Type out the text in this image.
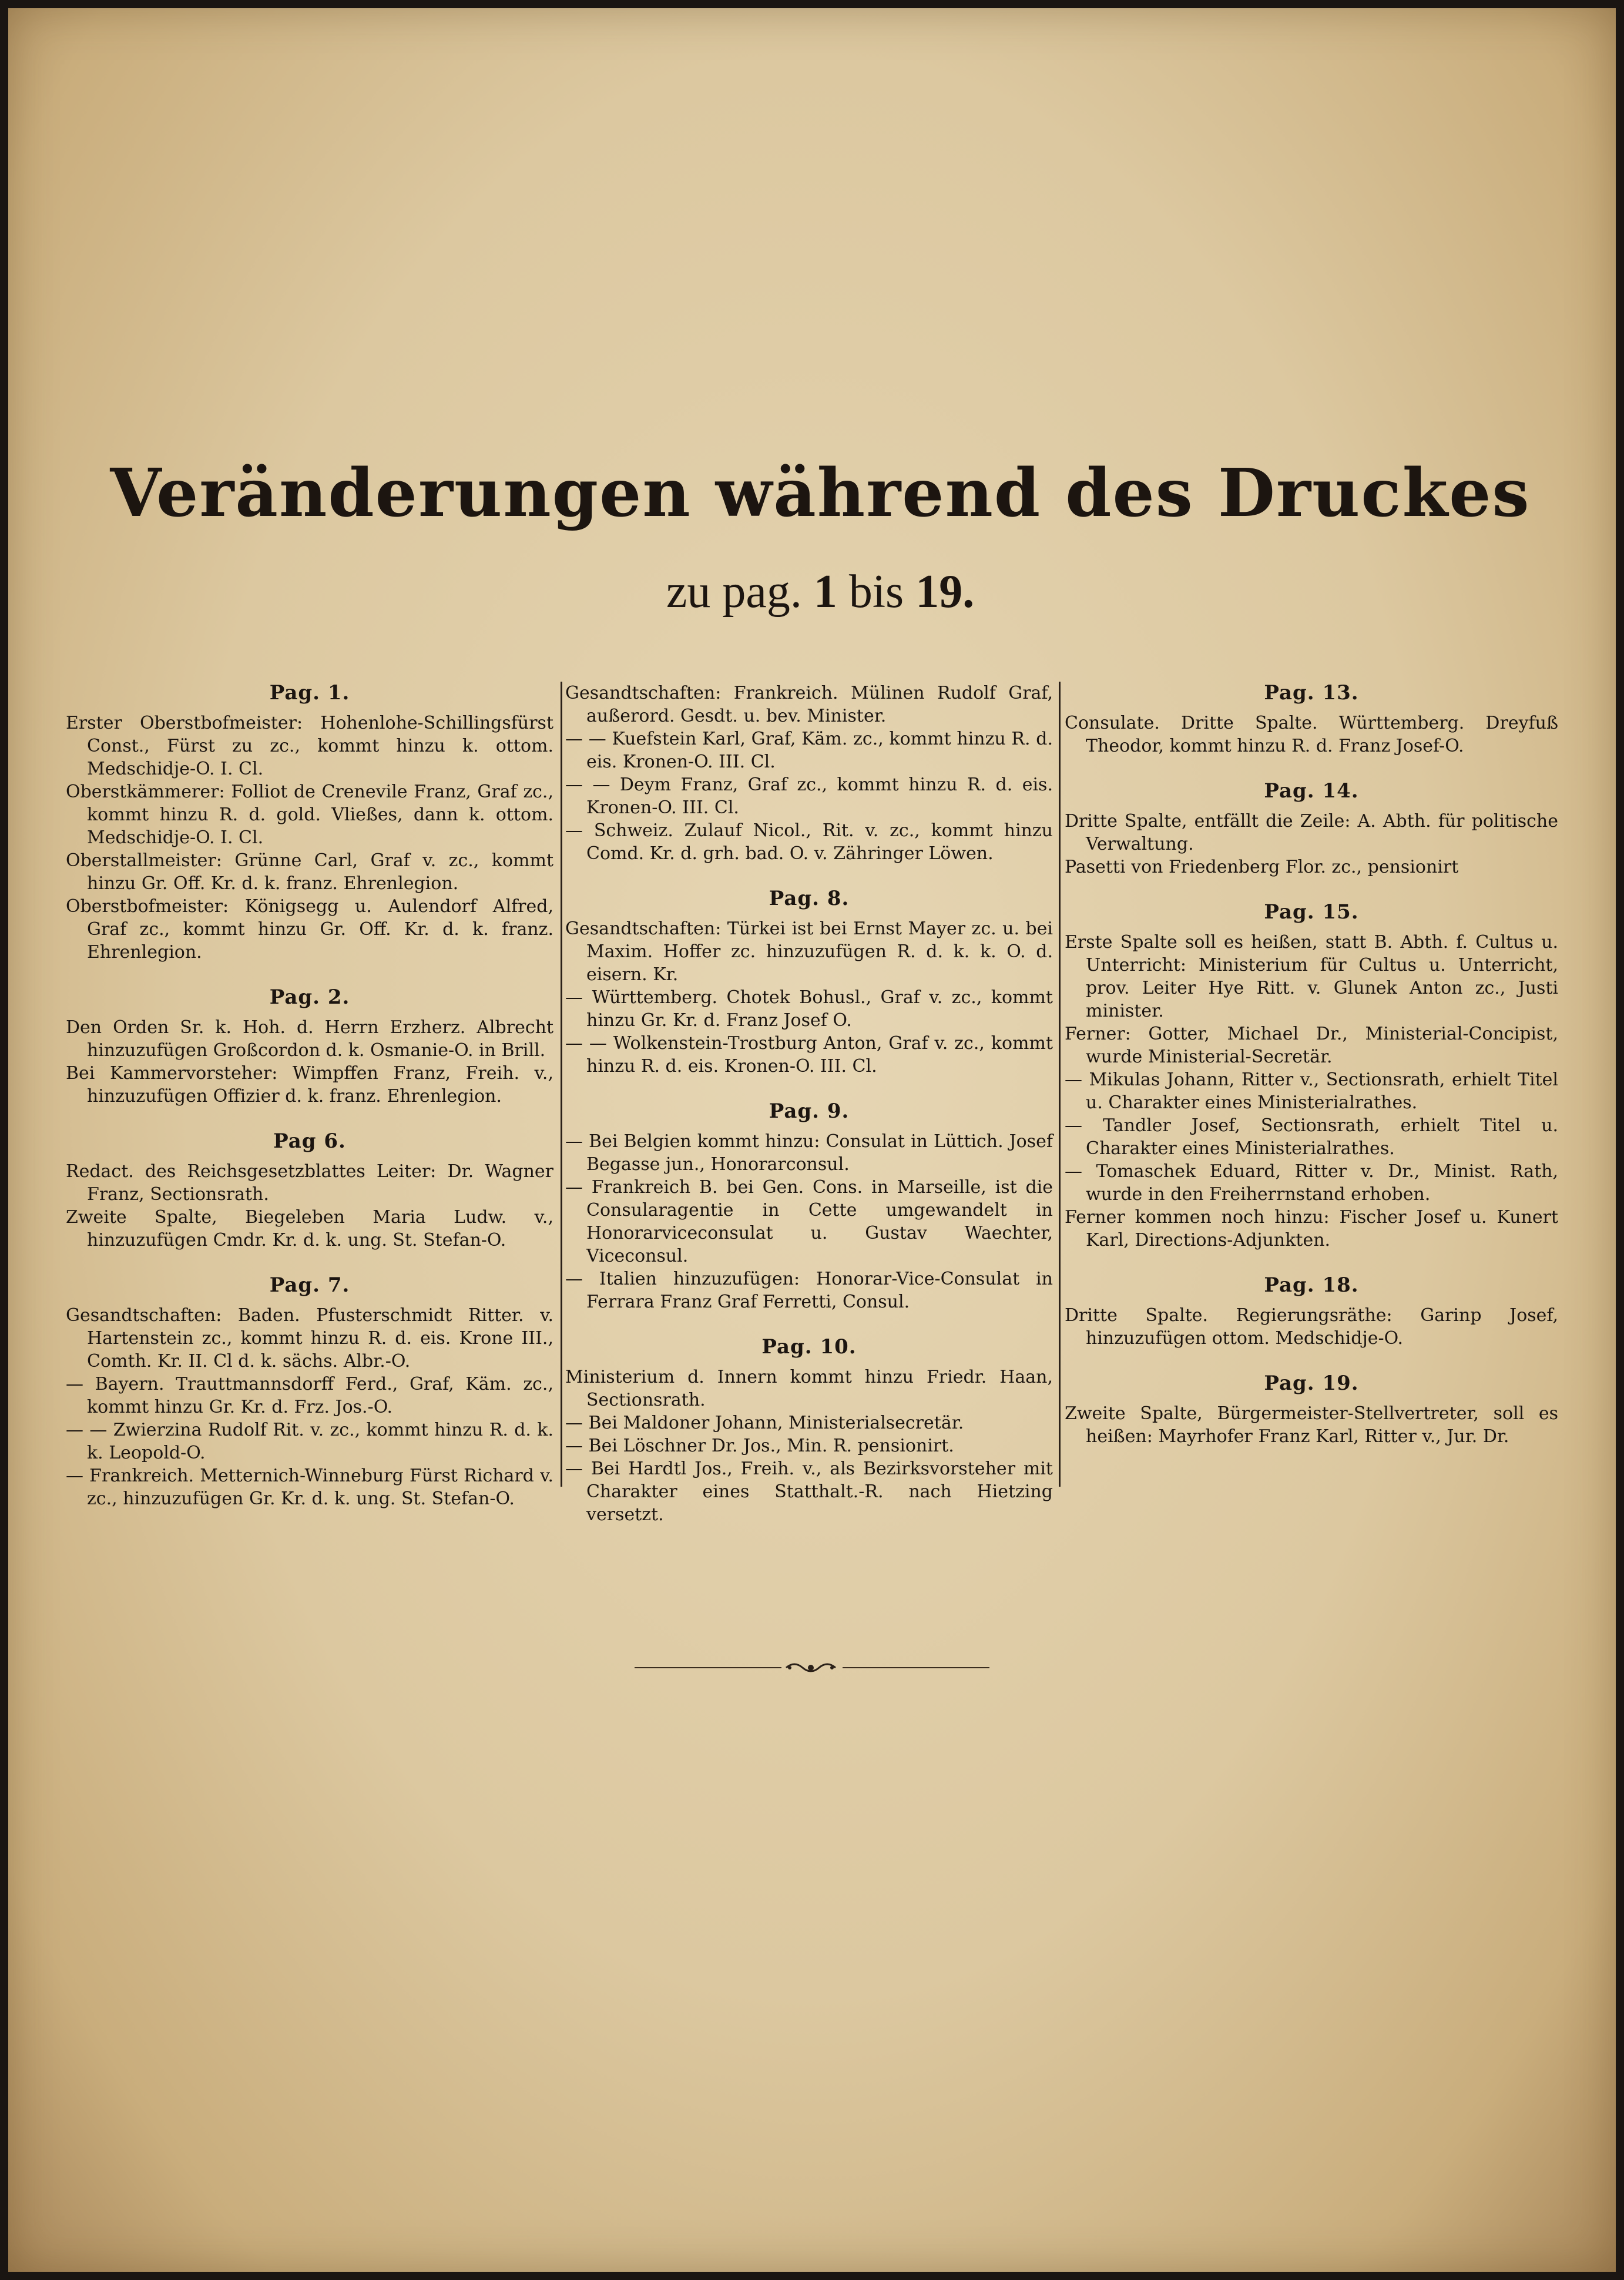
Veränderungen während des Druckes

zu pag. 1 bis 19.

Pag. 1.

Erster Oberstbofmeister: Hohenlohe-Schillingsfürst Const., Fürst zu zc., kommt hinzu k. ottom. Medschidje-O. I. Cl.

Oberstkämmerer: Folliot de Crenevile Franz, Graf zc., kommt hinzu R. d. gold. Vließes, dann k. ottom. Medschidje-O. I. Cl.

Oberstallmeister: Grünne Carl, Graf v. zc., kommt hinzu Gr. Off. Kr. d. k. franz. Ehrenlegion.

Oberstbofmeister: Königsegg u. Aulendorf Alfred, Graf zc., kommt hinzu Gr. Off. Kr. d. k. franz. Ehrenlegion.

Pag. 2.

Den Orden Sr. k. Hoh. d. Herrn Erzherz. Albrecht hinzuzufügen Großcordon d. k. Osmanie-O. in Brill.

Bei Kammervorsteher: Wimpffen Franz, Freih. v., hinzuzufügen Offizier d. k. franz. Ehrenlegion.

Pag 6.

Redact. des Reichsgesetzblattes Leiter: Dr. Wagner Franz, Sectionsrath.

Zweite Spalte, Biegeleben Maria Ludw. v., hinzuzufügen Cmdr. Kr. d. k. ung. St. Stefan-O.

Pag. 7.

Gesandtschaften: Baden. Pfusterschmidt Ritter. v. Hartenstein zc., kommt hinzu R. d. eis. Krone III., Comth. Kr. II. Cl d. k. sächs. Albr.-O.

— Bayern. Trauttmannsdorff Ferd., Graf, Käm. zc., kommt hinzu Gr. Kr. d. Frz. Jos.-O.

— — Zwierzina Rudolf Rit. v. zc., kommt hinzu R. d. k. k. Leopold-O.

— Frankreich. Metternich-Winneburg Fürst Richard v. zc., hinzuzufügen Gr. Kr. d. k. ung. St. Stefan-O.

Gesandtschaften: Frankreich. Mülinen Rudolf Graf, außerord. Gesdt. u. bev. Minister.

— — Kuefstein Karl, Graf, Käm. zc., kommt hinzu R. d. eis. Kronen-O. III. Cl.

— — Deym Franz, Graf zc., kommt hinzu R. d. eis. Kronen-O. III. Cl.

— Schweiz. Zulauf Nicol., Rit. v. zc., kommt hinzu Comd. Kr. d. grh. bad. O. v. Zähringer Löwen.

Pag. 8.

Gesandtschaften: Türkei ist bei Ernst Mayer zc. u. bei Maxim. Hoffer zc. hinzuzufügen R. d. k. k. O. d. eisern. Kr.

— Württemberg. Chotek Bohusl., Graf v. zc., kommt hinzu Gr. Kr. d. Franz Josef O.

— — Wolkenstein-Trostburg Anton, Graf v. zc., kommt hinzu R. d. eis. Kronen-O. III. Cl.

Pag. 9.

— Bei Belgien kommt hinzu: Consulat in Lüttich. Josef Begasse jun., Honorarconsul.

— Frankreich B. bei Gen. Cons. in Marseille, ist die Consularagentie in Cette umgewandelt in Honorarviceconsulat u. Gustav Waechter, Viceconsul.

— Italien hinzuzufügen: Honorar-Vice-Consulat in Ferrara Franz Graf Ferretti, Consul.

Pag. 10.

Ministerium d. Innern kommt hinzu Friedr. Haan, Sectionsrath.

— Bei Maldoner Johann, Ministerialsecretär.

— Bei Löschner Dr. Jos., Min. R. pensionirt.

— Bei Hardtl Jos., Freih. v., als Bezirksvorsteher mit Charakter eines Statthalt.-R. nach Hietzing versetzt.

Pag. 13.

Consulate. Dritte Spalte. Württemberg. Dreyfuß Theodor, kommt hinzu R. d. Franz Josef-O.

Pag. 14.

Dritte Spalte, entfällt die Zeile: A. Abth. für politische Verwaltung.

Pasetti von Friedenberg Flor. zc., pensionirt

Pag. 15.

Erste Spalte soll es heißen, statt B. Abth. f. Cultus u. Unterricht: Ministerium für Cultus u. Unterricht, prov. Leiter Hye Ritt. v. Glunek Anton zc., Justi minister.

Ferner: Gotter, Michael Dr., Ministerial-Concipist, wurde Ministerial-Secretär.

— Mikulas Johann, Ritter v., Sectionsrath, erhielt Titel u. Charakter eines Ministerialrathes.

— Tandler Josef, Sectionsrath, erhielt Titel u. Charakter eines Ministerialrathes.

— Tomaschek Eduard, Ritter v. Dr., Minist. Rath, wurde in den Freiherrnstand erhoben.

Ferner kommen noch hinzu: Fischer Josef u. Kunert Karl, Directions-Adjunkten.

Pag. 18.

Dritte Spalte. Regierungsräthe: Garinp Josef, hinzuzufügen ottom. Medschidje-O.

Pag. 19.

Zweite Spalte, Bürgermeister-Stellvertreter, soll es heißen: Mayrhofer Franz Karl, Ritter v., Jur. Dr.
